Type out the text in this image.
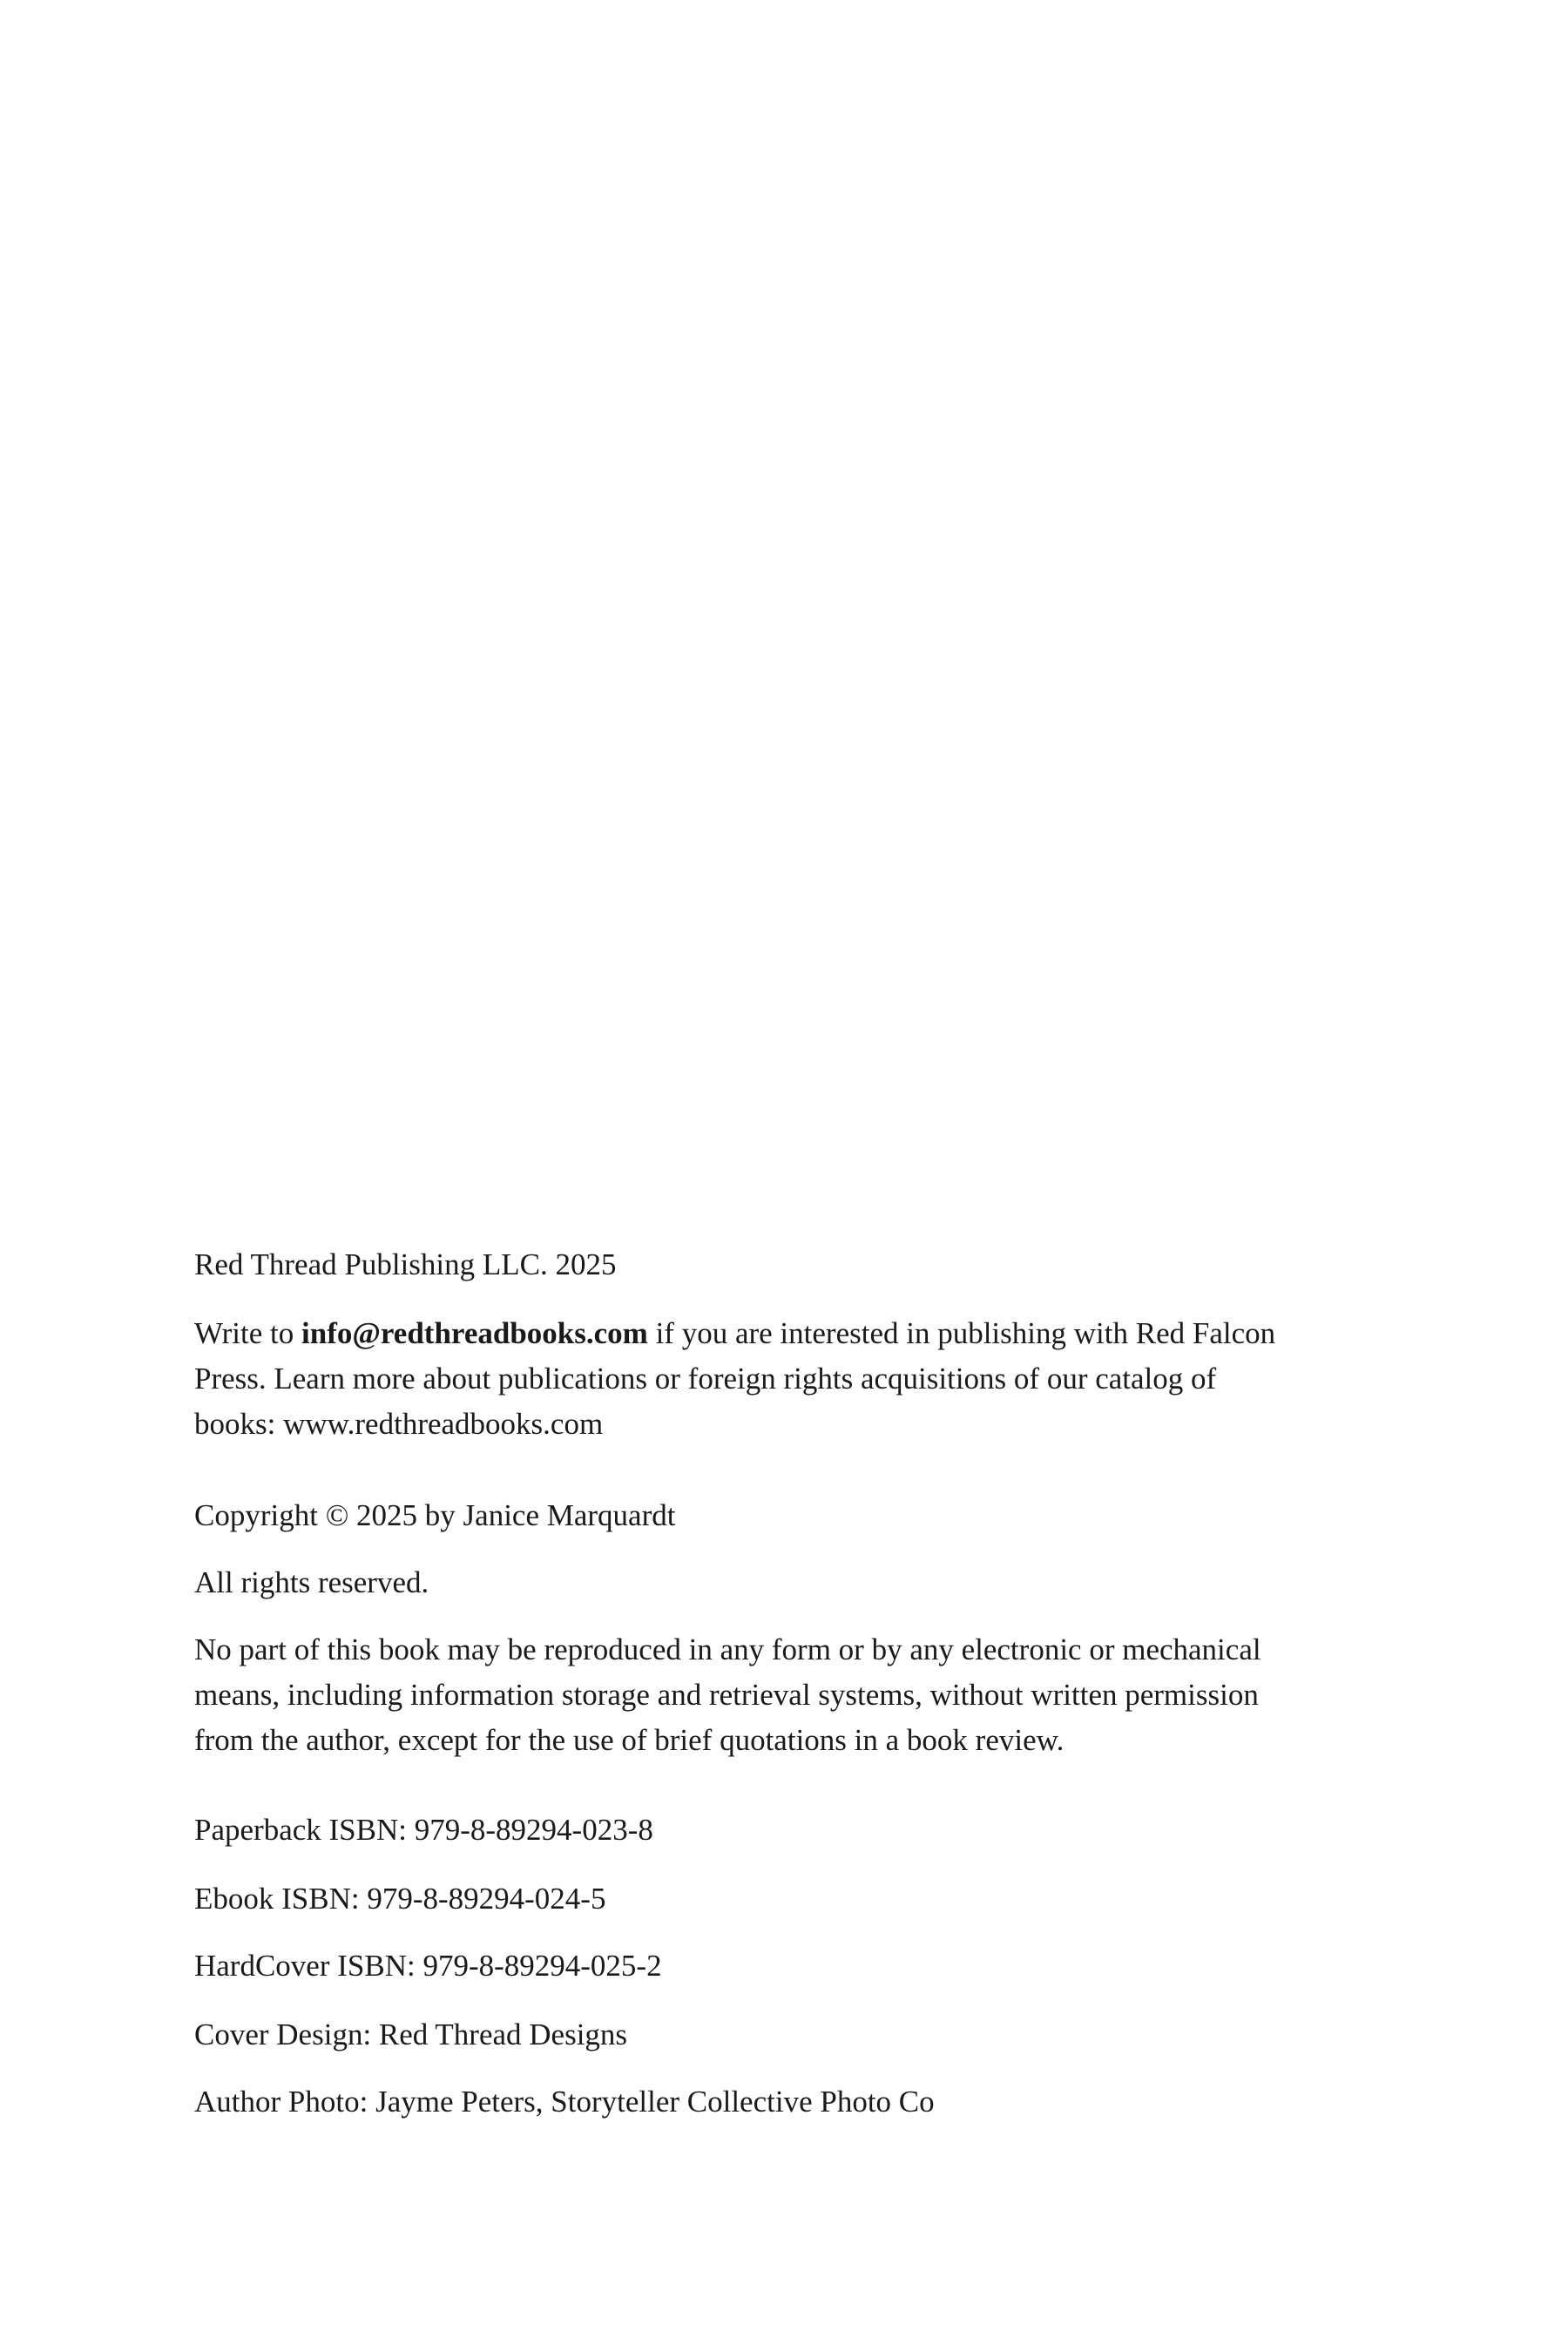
Red Thread Publishing LLC. 2025
Write to info@redthreadbooks.com if you are interested in publishing with Red Falcon
Press. Learn more about publications or foreign rights acquisitions of our catalog of
books: www.redthreadbooks.com
Copyright © 2025 by Janice Marquardt
All rights reserved.
No part of this book may be reproduced in any form or by any electronic or mechanical
means, including information storage and retrieval systems, without written permission
from the author, except for the use of brief quotations in a book review.
Paperback ISBN: 979-8-89294-023-8
Ebook ISBN: 979-8-89294-024-5
HardCover ISBN: 979-8-89294-025-2
Cover Design: Red Thread Designs
Author Photo: Jayme Peters, Storyteller Collective Photo Co
